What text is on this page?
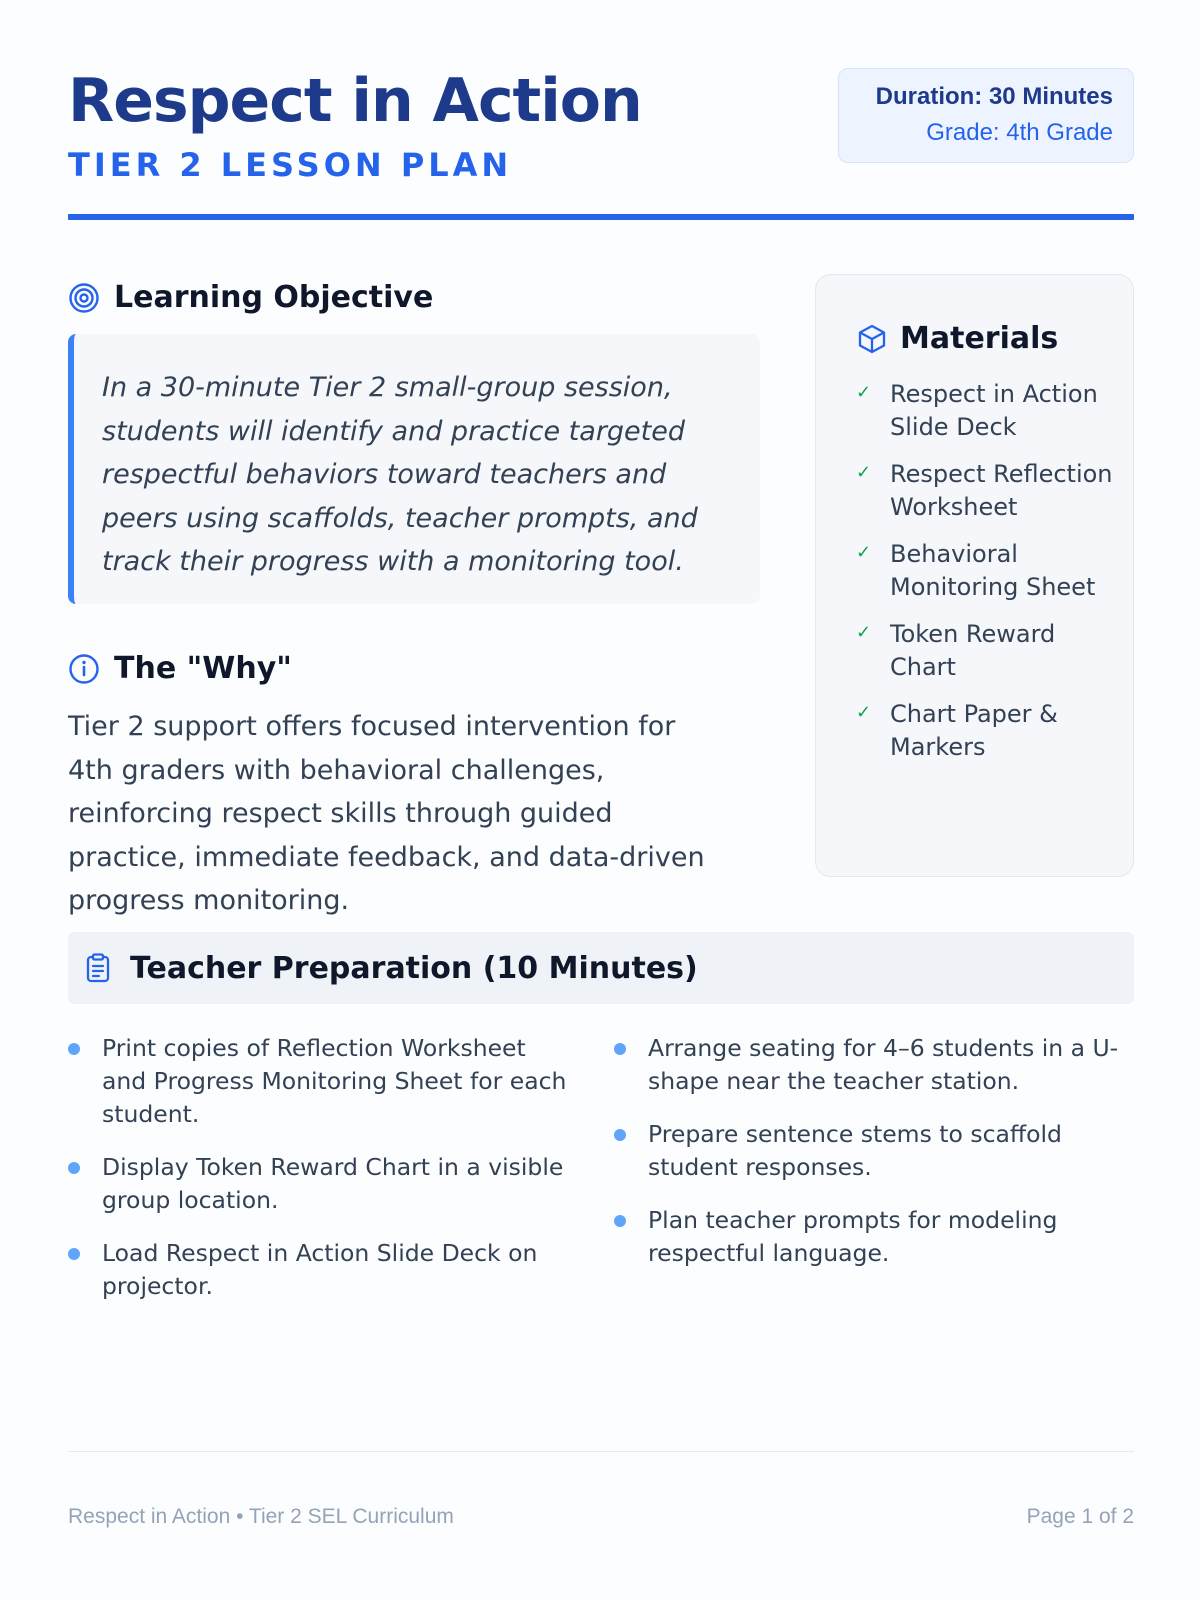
Respect in Action
TIER 2 LESSON PLAN
Duration: 30 Minutes
Grade: 4th Grade
Learning Objective

In a 30-minute Tier 2 small-group session, students will identify and practice targeted respectful behaviors toward teachers and peers using scaffolds, teacher prompts, and track their progress with a monitoring tool.

The "Why"

Tier 2 support offers focused intervention for 4th graders with behavioral challenges, reinforcing respect skills through guided practice, immediate feedback, and data-driven progress monitoring.

Materials
✓ Respect in Action Slide Deck
✓ Respect Reflection Worksheet
✓ Behavioral Monitoring Sheet
✓ Token Reward Chart
✓ Chart Paper & Markers
Teacher Preparation (10 Minutes)
Print copies of Reflection Worksheet and Progress Monitoring Sheet for each student.
Display Token Reward Chart in a visible group location.
Load Respect in Action Slide Deck on projector.
Arrange seating for 4–6 students in a U-shape near the teacher station.
Prepare sentence stems to scaffold student responses.
Plan teacher prompts for modeling respectful language.
Respect in Action • Tier 2 SEL Curriculum	Page 1 of 2
